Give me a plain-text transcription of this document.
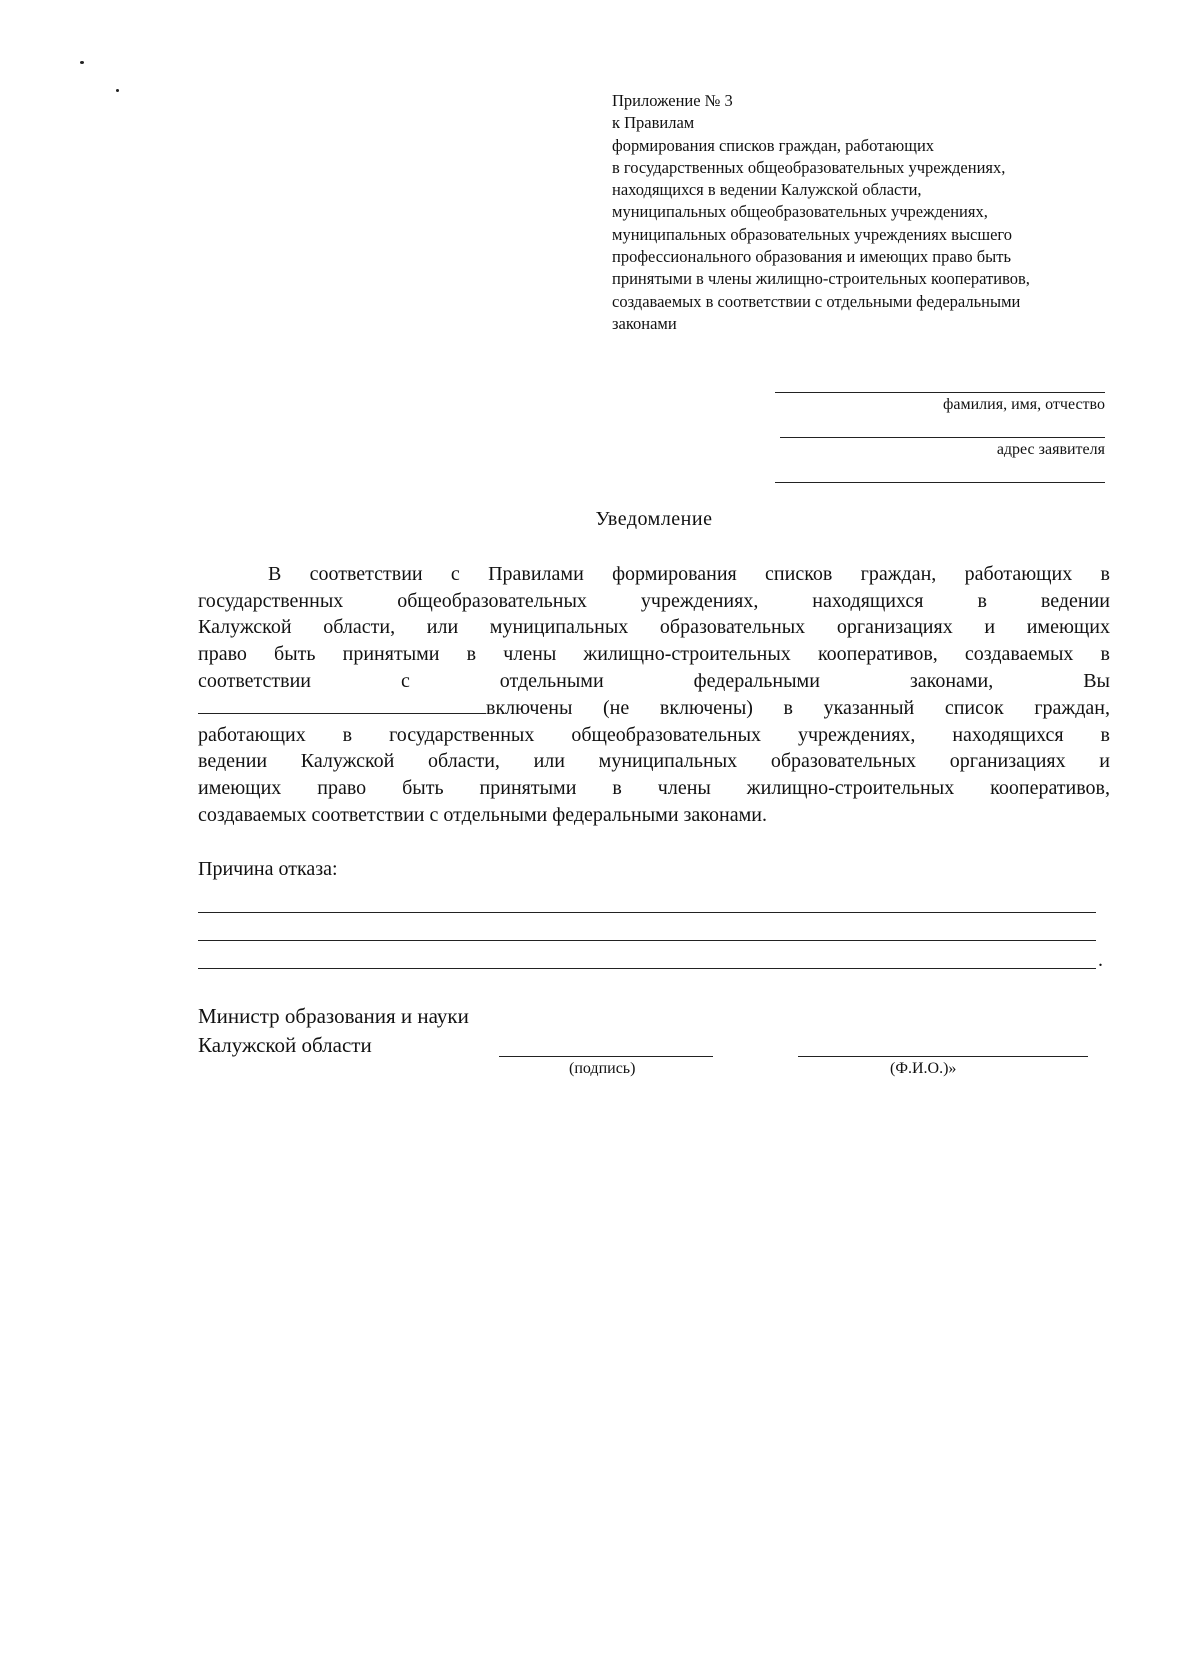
Приложение № 3
к Правилам
формирования списков граждан, работающих
в государственных общеобразовательных учреждениях,
находящихся в ведении Калужской области,
муниципальных общеобразовательных учреждениях,
муниципальных образовательных учреждениях высшего
профессионального образования и имеющих право быть
принятыми в члены жилищно-строительных кооперативов,
создаваемых в соответствии с отдельными федеральными
законами
фамилия, имя, отчество
адрес заявителя
Уведомление
В соответствии с Правилами формирования списков граждан, работающих в
государственных общеобразовательных учреждениях, находящихся в ведении
Калужской области, или муниципальных образовательных организациях и имеющих
право быть принятыми в члены жилищно-строительных кооперативов, создаваемых в
соответствии с отдельными федеральными законами, Вы
включены (не включены) в указанный список граждан,
работающих в государственных общеобразовательных учреждениях, находящихся в
ведении Калужской области, или муниципальных образовательных организациях и
имеющих право быть принятыми в члены жилищно-строительных кооперативов,
создаваемых соответствии с отдельными федеральными законами.
Причина отказа:
.
Министр образования и науки
Калужской области
(подпись)	(Ф.И.О.)»
